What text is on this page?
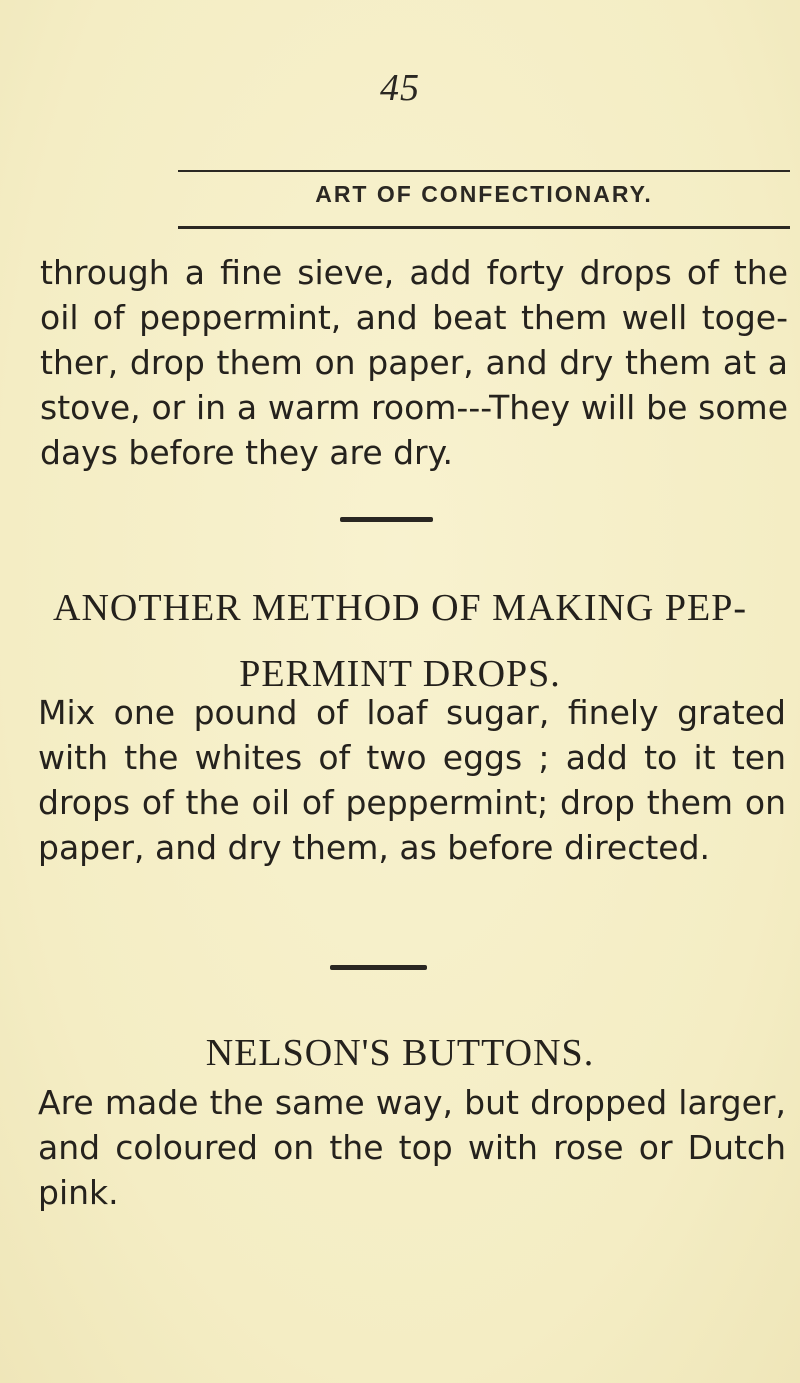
45
ART OF CONFECTIONARY.

through a fine sieve, add forty drops of the oil of peppermint, and beat them well toge-ther, drop them on paper, and dry them at a stove, or in a warm room---They will be some days before they are dry.

ANOTHER METHOD OF MAKING PEP-
PERMINT DROPS.

Mix one pound of loaf sugar, finely grated with the whites of two eggs ; add to it ten drops of the oil of peppermint; drop them on paper, and dry them, as before directed.

NELSON'S BUTTONS.

Are made the same way, but dropped larger, and coloured on the top with rose or Dutch pink.
